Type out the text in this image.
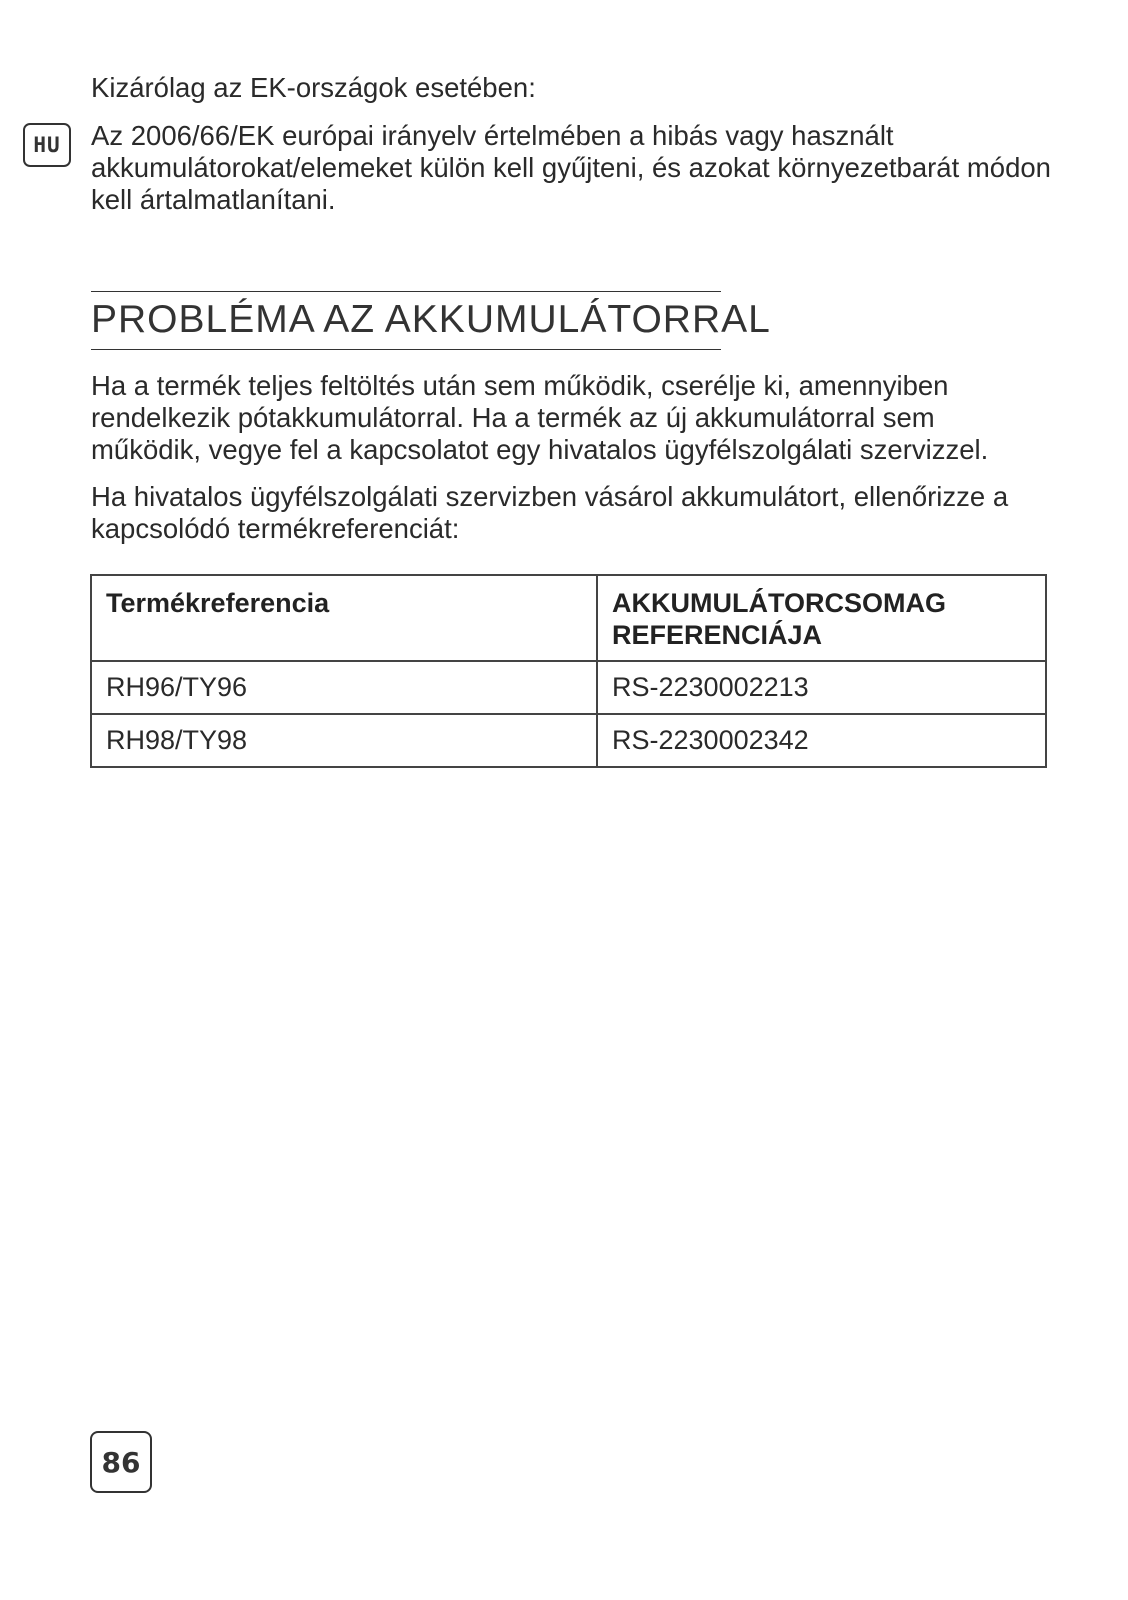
HU

Kizárólag az EK-országok esetében:

Az 2006/66/EK európai irányelv értelmében a hibás vagy használt akkumulátorokat/elemeket külön kell gyűjteni, és azokat környezetbarát módon kell ártalmatlanítani.

PROBLÉMA AZ AKKUMULÁTORRAL

Ha a termék teljes feltöltés után sem működik, cserélje ki, amennyiben rendelkezik pótakkumulátorral. Ha a termék az új akkumulátorral sem működik, vegye fel a kapcsolatot egy hivatalos ügyfélszolgálati szervizzel.

Ha hivatalos ügyfélszolgálati szervizben vásárol akkumulátort, ellenőrizze a kapcsolódó termékreferenciát:

Termékreferencia	AKKUMULÁTORCSOMAG REFERENCIÁJA
RH96/TY96	RS-2230002213
RH98/TY98	RS-2230002342
86
